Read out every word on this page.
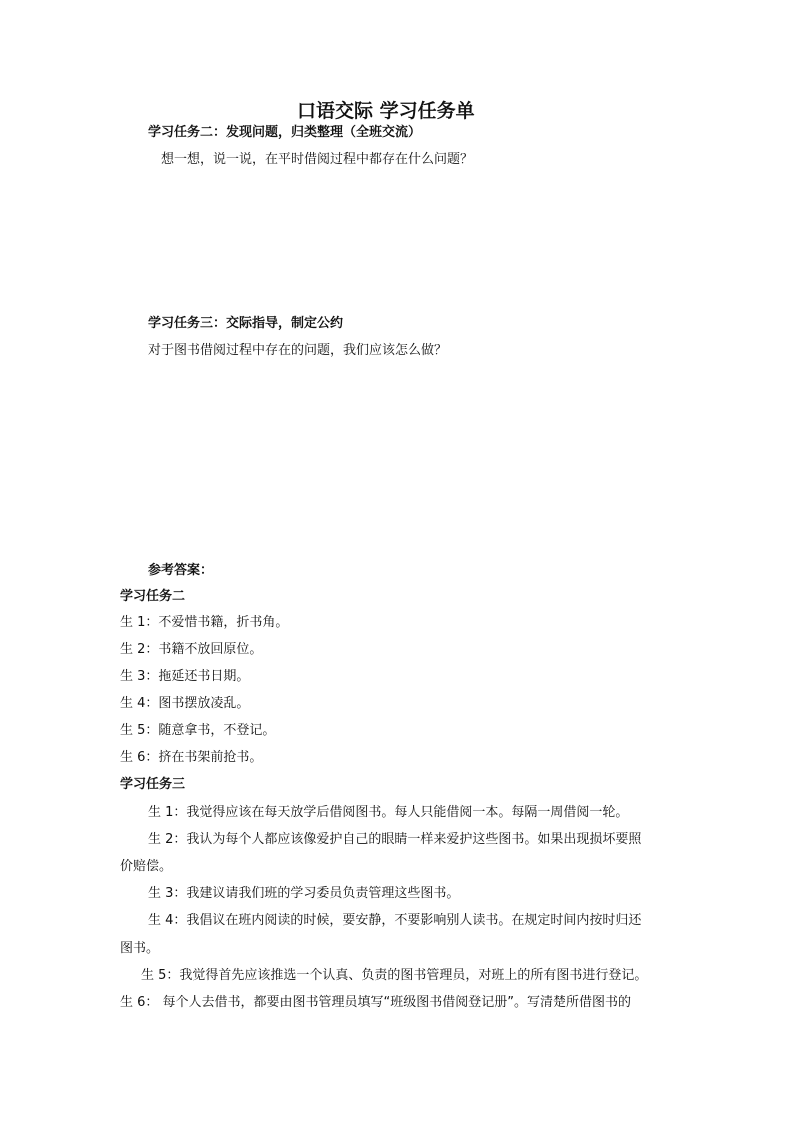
口语交际 学习任务单
学习任务二：发现问题，归类整理（全班交流）
想一想，说一说，在平时借阅过程中都存在什么问题？
学习任务三：交际指导，制定公约
对于图书借阅过程中存在的问题，我们应该怎么做？
参考答案：
学习任务二
生 1：不爱惜书籍，折书角。
生 2：书籍不放回原位。
生 3：拖延还书日期。
生 4：图书摆放凌乱。
生 5：随意拿书，不登记。
生 6：挤在书架前抢书。
学习任务三
生 1：我觉得应该在每天放学后借阅图书。每人只能借阅一本。每隔一周借阅一轮。
生 2：我认为每个人都应该像爱护自己的眼睛一样来爱护这些图书。如果出现损坏要照
价赔偿。
生 3：我建议请我们班的学习委员负责管理这些图书。
生 4：我倡议在班内阅读的时候，要安静，不要影响别人读书。在规定时间内按时归还
图书。
生 5：我觉得首先应该推选一个认真、负责的图书管理员，对班上的所有图书进行登记。
生 6： 每个人去借书，都要由图书管理员填写“班级图书借阅登记册”。写清楚所借图书的
